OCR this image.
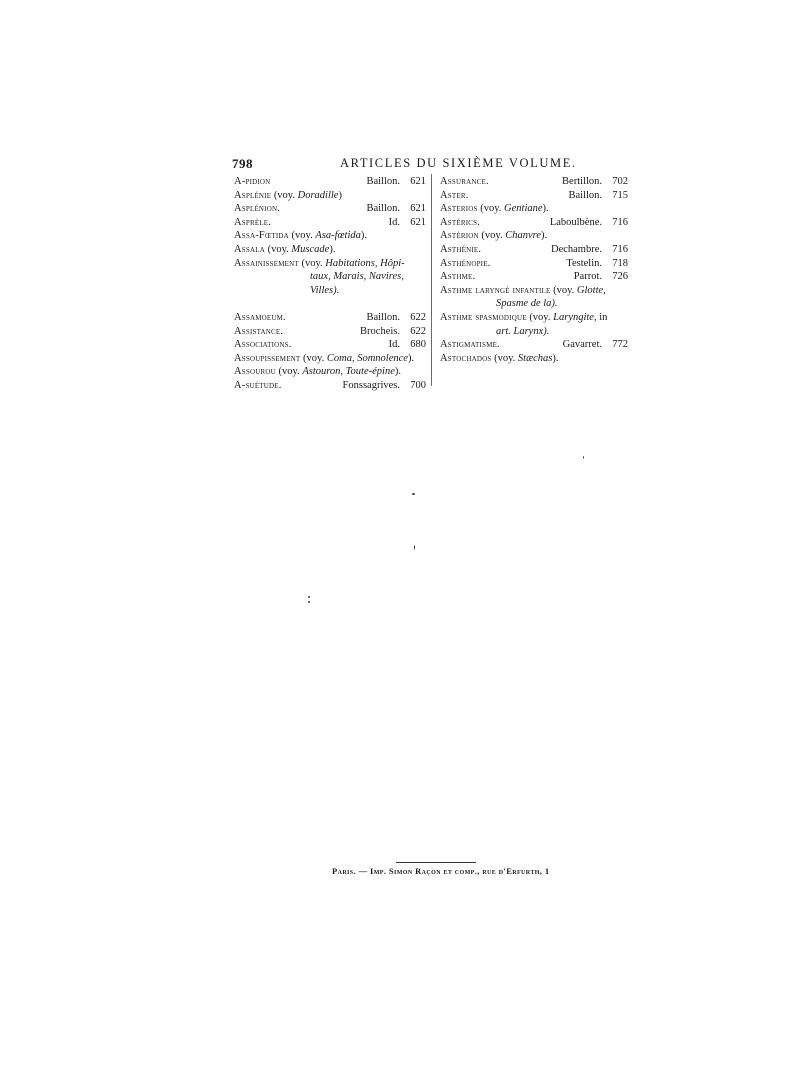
798	ARTICLES DU SIXIÈME VOLUME.
A-pidion	Baillon. 621
Asplénie (voy. Doradille)
Asplénion.	Baillon. 621
Asprèle.	Id. 621
Assa-Fœtida (voy. Asa-fœtida).
Assala (voy. Muscade).
Assainissement (voy. Habitations, Hôpi-
taux, Marais, Navires,
Villes).
Assamoeum.	Baillon. 622
Assistance.	Brocheis. 622
Associations.	Id. 680
Assoupissement (voy. Coma, Somnolence).
Assourou (voy. Astouron, Toute-épine).
A-suétude.	Fonssagrives. 700
Assurance.	Bertillon. 702
Aster.	Baillon. 715
Asterios (voy. Gentiane).
Astérics.	Laboulbène. 716
Astérion (voy. Chanvre).
Asthénie.	Dechambre. 716
Asthénopie.	Testelin. 718
Asthme.	Parrot. 726
Asthme laryngé infantile (voy. Glotte,
Spasme de la).
Asthme spasmodique (voy. Laryngite, in
art. Larynx).
Astigmatisme.	Gavarret. 772
Astochados (voy. Stæchas).
Paris. — Imp. Simon Raçon et comp., rue d'Erfurth, 1
